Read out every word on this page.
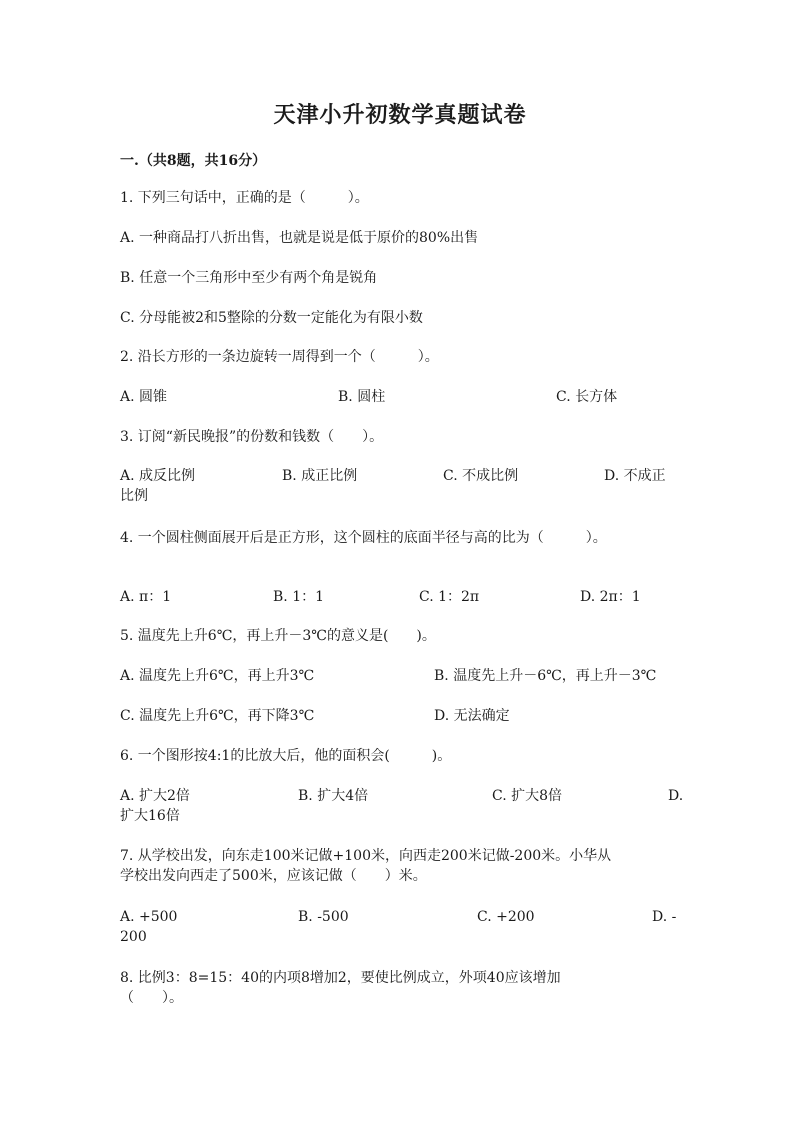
天津小升初数学真题试卷
一.（共8题，共16分）
1. 下列三句话中，正确的是（　　　）。
A. 一种商品打八折出售，也就是说是低于原价的80%出售
B. 任意一个三角形中至少有两个角是锐角
C. 分母能被2和5整除的分数一定能化为有限小数
2. 沿长方形的一条边旋转一周得到一个（　　　）。
A. 圆锥	B. 圆柱	C. 长方体
3. 订阅“新民晚报”的份数和钱数（　　）。
A. 成反比例	B. 成正比例	C. 不成比例	D. 不成正
比例
4. 一个圆柱侧面展开后是正方形，这个圆柱的底面半径与高的比为（　　　）。
A. π：1	B. 1：1	C. 1：2π	D. 2π：1
5. 温度先上升6℃，再上升－3℃的意义是(　　)。
A. 温度先上升6℃，再上升3℃	B. 温度先上升－6℃，再上升－3℃
C. 温度先上升6℃，再下降3℃	D. 无法确定
6. 一个图形按4:1的比放大后，他的面积会(　　　)。
A. 扩大2倍	B. 扩大4倍	C. 扩大8倍	D.
扩大16倍
7. 从学校出发，向东走100米记做+100米，向西走200米记做-200米。小华从
学校出发向西走了500米，应该记做（　　）米。
A. +500	B. -500	C. +200	D. -
200
8. 比例3：8=15：40的内项8增加2，要使比例成立，外项40应该增加
（　　）。
